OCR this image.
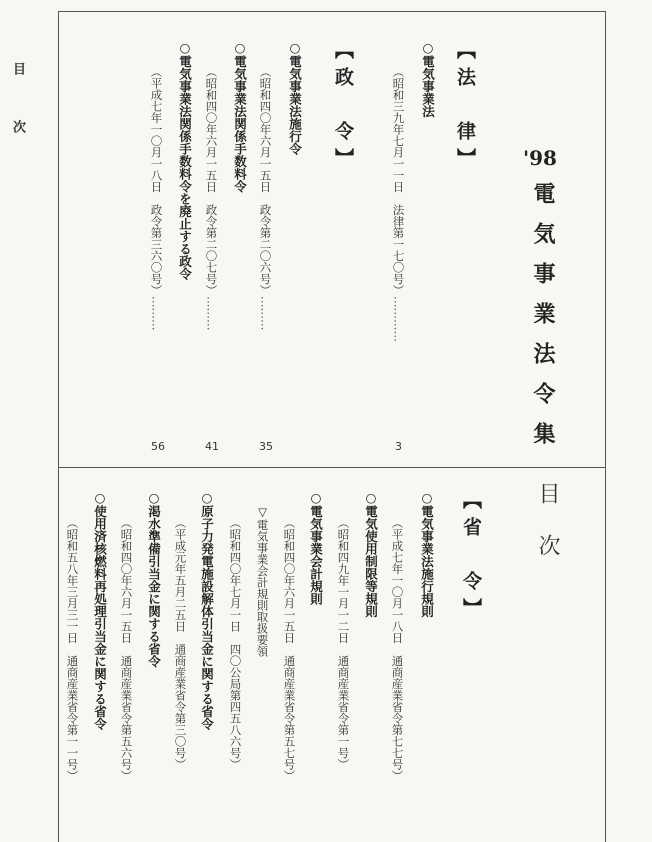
目　次
'98
電気事業法令集
目次
【法　律】
○電気事業法
（昭和三九年七月一一日　法律第一七〇号）…………
3
【政　令】
○電気事業法施行令
（昭和四〇年六月一五日　政令第二〇六号）………
35
○電気事業法関係手数料令
（昭和四〇年六月一五日　政令第二〇七号）………
41
○電気事業法関係手数料令を廃止する政令
（平成七年一〇月一八日　政令第三六〇号）………
56
【省　令】
○電気事業法施行規則
（平成七年一〇月一八日　通商産業省令第七七号）
○電気使用制限等規則
（昭和四九年一月一二日　通商産業省令第一号）
○電気事業会計規則
（昭和四〇年六月一五日　通商産業省令第五七号）
▽電気事業会計規則取扱要領
（昭和四〇年七月一日　四〇公局第四五八六号）
○原子力発電施設解体引当金に関する省令
（平成元年五月二五日　通商産業省令第三〇号）
○渇水準備引当金に関する省令
（昭和四〇年六月一五日　通商産業省令第五六号）
○使用済核燃料再処理引当金に関する省令
（昭和五八年三月三一日　通商産業省令第一一号）
